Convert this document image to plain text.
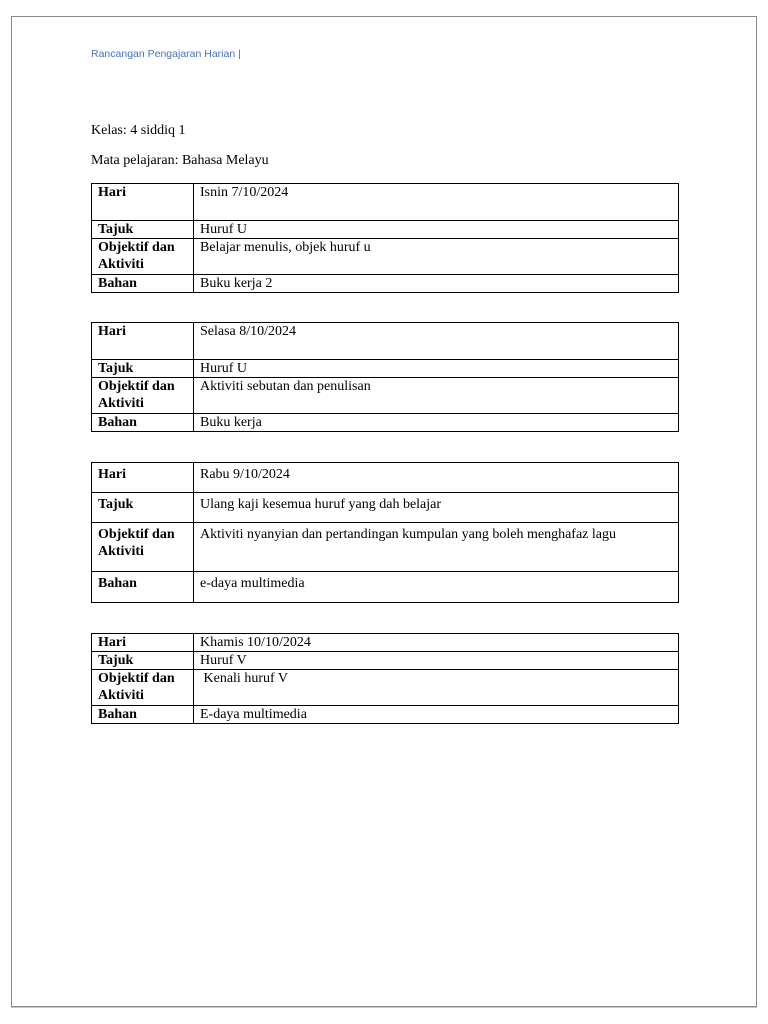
Rancangan Pengajaran Harian |
Kelas: 4 siddiq 1
Mata pelajaran: Bahasa Melayu
Hari	Isnin 7/10/2024
Tajuk	Huruf U
Objektif dan Aktiviti	Belajar menulis, objek huruf u
Bahan	Buku kerja 2
Hari	Selasa 8/10/2024
Tajuk	Huruf U
Objektif dan Aktiviti	Aktiviti sebutan dan penulisan
Bahan	Buku kerja
Hari	Rabu 9/10/2024
Tajuk	Ulang kaji kesemua huruf yang dah belajar
Objektif dan Aktiviti	Aktiviti nyanyian dan pertandingan kumpulan yang boleh menghafaz lagu
Bahan	e-daya multimedia
Hari	Khamis 10/10/2024
Tajuk	Huruf V
Objektif dan Aktiviti	Kenali huruf V
Bahan	E-daya multimedia
